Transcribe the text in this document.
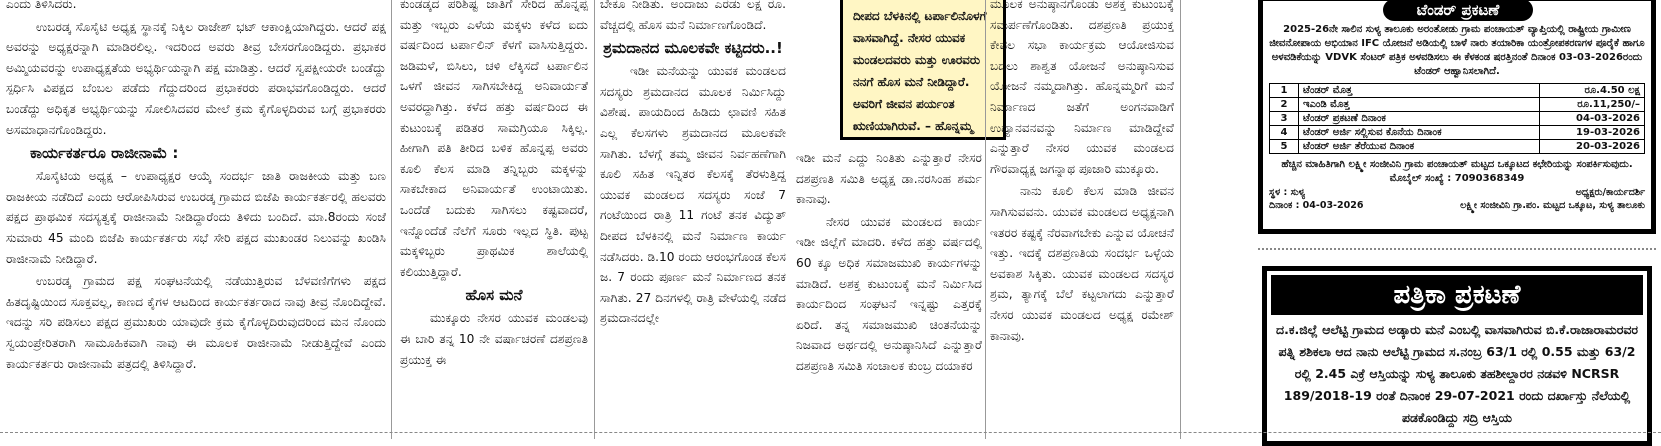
ಎಂದು ತಿಳಿಸಿದರು.

ಉಬರಡ್ಕ ಸೊಸೈಟಿ ಅಧ್ಯಕ್ಷ ಸ್ಥಾನಕ್ಕೆ ನಿಕ್ಕಿಲ ರಾಜೇಶ್ ಭಟ್ ಆಕಾಂಕ್ಷಿಯಾಗಿದ್ದರು. ಆದರೆ ಪಕ್ಷ ಅವರನ್ನು ಅಧ್ಯಕ್ಷರನ್ನಾಗಿ ಮಾಡಿರಲಿಲ್ಲ. ಇದರಿಂದ ಅವರು ತೀವ್ರ ಬೇಸರಗೊಂಡಿದ್ದರು. ಪ್ರಭಾಕರ ಅಮ್ಮಿಯವರನ್ನು ಉಪಾಧ್ಯಕ್ಷತೆಯ ಅಭ್ಯರ್ಥಿಯನ್ನಾಗಿ ಪಕ್ಷ ಮಾಡಿತ್ತು. ಆದರೆ ಸ್ವಪಕ್ಷೀಯರೇ ಬಂಡೆದ್ದು ಸ್ಪರ್ಧಿಸಿ ವಿಪಕ್ಷದ ಬೆಂಬಲ ಪಡೆದು ಗೆದ್ದುದರಿಂದ ಪ್ರಭಾಕರರು ಪರಾಭವಗೊಂಡಿದ್ದರು. ಆದರೆ ಬಂಡೆದ್ದು ಅಧಿಕೃತ ಅಭ್ಯರ್ಥಿಯನ್ನು ಸೋಲಿಸಿದವರ ಮೇಲೆ ಕ್ರಮ ಕೈಗೊಳ್ಳದಿರುವ ಬಗ್ಗೆ ಪ್ರಭಾಕರರು ಅಸಮಾಧಾನಗೊಂಡಿದ್ದರು.

ಕಾರ್ಯಕರ್ತರೂ ರಾಜೀನಾಮೆ :

ಸೊಸೈಟಿಯ ಅಧ್ಯಕ್ಷ – ಉಪಾಧ್ಯಕ್ಷರ ಆಯ್ಕೆ ಸಂದರ್ಭ ಜಾತಿ ರಾಜಕೀಯ ಮತ್ತು ಬಣ ರಾಜಕೀಯ ನಡೆದಿದೆ ಎಂದು ಆರೋಪಿಸಿರುವ ಉಬರಡ್ಕ ಗ್ರಾಮದ ಬಿಜೆಪಿ ಕಾರ್ಯಕರ್ತರಲ್ಲಿ ಹಲವರು ಪಕ್ಷದ ಪ್ರಾಥಮಿಕ ಸದಸ್ಯತ್ವಕ್ಕೆ ರಾಜೀನಾಮೆ ನೀಡಿದ್ದಾರೆಂದು ತಿಳಿದು ಬಂದಿದೆ. ಮಾ.8ರಂದು ಸಂಜೆ ಸುಮಾರು 45 ಮಂದಿ ಬಿಜೆಪಿ ಕಾರ್ಯಕರ್ತರು ಸಭೆ ಸೇರಿ ಪಕ್ಷದ ಮುಖಂಡರ ನಿಲುವನ್ನು ಖಂಡಿಸಿ ರಾಜೀನಾಮೆ ನೀಡಿದ್ದಾರೆ.

ಉಬರಡ್ಕ ಗ್ರಾಮದ ಪಕ್ಷ ಸಂಘಟನೆಯಲ್ಲಿ ನಡೆಯುತ್ತಿರುವ ಬೆಳವಣಿಗೆಗಳು ಪಕ್ಷದ ಹಿತದೃಷ್ಟಿಯಿಂದ ಸೂಕ್ತವಲ್ಲ, ಕಾಣದ ಕೈಗಳ ಆಟದಿಂದ ಕಾರ್ಯಕರ್ತರಾದ ನಾವು ತೀವ್ರ ನೊಂದಿದ್ದೇವೆ. ಇದನ್ನು ಸರಿ ಪಡಿಸಲು ಪಕ್ಷದ ಪ್ರಮುಖರು ಯಾವುದೇ ಕ್ರಮ ಕೈಗೊಳ್ಳದಿರುವುದರಿಂದ ಮನ ನೊಂದು ಸ್ವಯಂಪ್ರೇರಿತರಾಗಿ ಸಾಮೂಹಿಕವಾಗಿ ನಾವು ಈ ಮೂಲಕ ರಾಜೀನಾಮೆ ನೀಡುತ್ತಿದ್ದೇವೆ ಎಂದು ಕಾರ್ಯಕರ್ತರು ರಾಜೀನಾಮೆ ಪತ್ರದಲ್ಲಿ ತಿಳಿಸಿದ್ದಾರೆ.

ಕುಂಡಡ್ಕದ ಪರಿಶಿಷ್ಟ ಜಾತಿಗೆ ಸೇರಿದ ಹೊನ್ನಪ್ಪ ಮತ್ತು ಇಬ್ಬರು ಎಳೆಯ ಮಕ್ಕಳು ಕಳೆದ ಐದು ವರ್ಷದಿಂದ ಟರ್ಪಾಲಿನ್ ಕೆಳಗೆ ವಾಸಿಸುತ್ತಿದ್ದರು. ಜಡಿಮಳೆ, ಬಿಸಿಲು, ಚಳಿ ಲೆಕ್ಕಿಸದೆ ಟರ್ಪಾಲಿನ ಒಳಗೆ ಜೀವನ ಸಾಗಿಸಬೇಕಿದ್ದ ಅನಿವಾರ್ಯತೆ ಅವರದ್ದಾಗಿತ್ತು. ಕಳೆದ ಹತ್ತು ವರ್ಷದಿಂದ ಈ ಕುಟುಂಬಕ್ಕೆ ಪಡಿತರ ಸಾಮಗ್ರಿಯೂ ಸಿಕ್ಕಿಲ್ಲ. ಹೀಗಾಗಿ ಪತಿ ತೀರಿದ ಬಳಿಕ ಹೊನ್ನಪ್ಪ ಅವರು ಕೂಲಿ ಕೆಲಸ ಮಾಡಿ ತನ್ನಿಬ್ಬರು ಮಕ್ಕಳನ್ನು ಸಾಕಬೇಕಾದ ಅನಿವಾರ್ಯತೆ ಉಂಟಾಯಿತು. ಒಂದೆಡೆ ಬದುಕು ಸಾಗಿಸಲು ಕಷ್ಟವಾದರೆ, ಇನ್ನೊಂದೆಡೆ ನೆಲೆಗೆ ಸೂರು ಇಲ್ಲದ ಸ್ಥಿತಿ. ಪುಟ್ಟ ಮಕ್ಕಳಿಬ್ಬರು ಪ್ರಾಥಮಿಕ ಶಾಲೆಯಲ್ಲಿ ಕಲಿಯುತ್ತಿದ್ದಾರೆ.

ಹೊಸ ಮನೆ

ಮುಕ್ಕೂರು ನೇಸರ ಯುವಕ ಮಂಡಲವು ಈ ಬಾರಿ ತನ್ನ 10 ನೇ ವರ್ಷಾಚರಣೆ ದಶಪ್ರಣತಿ ಪ್ರಯುಕ್ತ ಈ

ಬೇಕೂ ನೀಡಿತು. ಅಂದಾಜು ಎರಡು ಲಕ್ಷ ರೂ. ವೆಚ್ಚದಲ್ಲಿ ಹೊಸ ಮನೆ ನಿರ್ಮಾಣಗೊಂಡಿದೆ.

ಶ್ರಮದಾನದ ಮೂಲಕವೇ ಕಟ್ಟಿದರು..!

ಇಡೀ ಮನೆಯನ್ನು ಯುವಕ ಮಂಡಲದ ಸದಸ್ಯರು ಶ್ರಮದಾನದ ಮೂಲಕ ನಿರ್ಮಿಸಿದ್ದು ವಿಶೇಷ. ಪಾಯದಿಂದ ಹಿಡಿದು ಛಾವಣಿ ಸಹಿತ ಎಲ್ಲ ಕೆಲಸಗಳು ಶ್ರಮದಾನದ ಮೂಲಕವೇ ಸಾಗಿತು. ಬೆಳಗ್ಗೆ ತಮ್ಮ ಜೀವನ ನಿರ್ವಹಣೆಗಾಗಿ ಕೂಲಿ ಸಹಿತ ಇನ್ನಿತರ ಕೆಲಸಕ್ಕೆ ತೆರಳುತ್ತಿದ್ದ ಯುವಕ ಮಂಡಲದ ಸದಸ್ಯರು ಸಂಜೆ 7 ಗಂಟೆಯಿಂದ ರಾತ್ರಿ 11 ಗಂಟೆ ತನಕ ವಿದ್ಯುತ್ ದೀಪದ ಬೆಳಕಿನಲ್ಲಿ ಮನೆ ನಿರ್ಮಾಣ ಕಾರ್ಯ ನಡೆಸಿದರು. ಡಿ.10 ರಂದು ಆರಂಭಗೊಂಡ ಕೆಲಸ ಜ. 7 ರಂದು ಪೂರ್ಣ ಮನೆ ನಿರ್ಮಾಣದ ತನಕ ಸಾಗಿತು. 27 ದಿನಗಳಲ್ಲಿ ರಾತ್ರಿ ವೇಳೆಯಲ್ಲಿ ನಡೆದ ಶ್ರಮದಾನದಲ್ಲೇ

ದೀಪದ ಬೆಳಕಿನಲ್ಲಿ ಟರ್ಪಾಲಿನೊಳಗೆ ವಾಸವಾಗಿದ್ದೆ. ನೇಸರ ಯುವಕ ಮಂಡಲದವರು ಮತ್ತು ಊರವರು ನನಗೆ ಹೊಸ ಮನೆ ನೀಡಿದ್ದಾರೆ. ಅವರಿಗೆ ಜೀವನ ಪರ್ಯಂತ ಋಣಿಯಾಗಿರುವೆ. – ಹೊನ್ನಮ್ಮ

ಇಡೀ ಮನೆ ಎದ್ದು ನಿಂತಿತು ಎನ್ನುತ್ತಾರೆ ನೇಸರ ದಶಪ್ರಣತಿ ಸಮಿತಿ ಅಧ್ಯಕ್ಷ ಡಾ.ನರಸಿಂಹ ಶರ್ಮ ಕಾನಾವು.

ನೇಸರ ಯುವಕ ಮಂಡಲದ ಕಾರ್ಯ ಇಡೀ ಜಿಲ್ಲೆಗೆ ಮಾದರಿ. ಕಳೆದ ಹತ್ತು ವರ್ಷದಲ್ಲಿ 60 ಕ್ಕೂ ಅಧಿಕ ಸಮಾಜಮುಖಿ ಕಾರ್ಯಗಳನ್ನು ಮಾಡಿದೆ. ಅಶಕ್ತ ಕುಟುಂಬಕ್ಕೆ ಮನೆ ನಿರ್ಮಿಸಿದ ಕಾರ್ಯದಿಂದ ಸಂಘಟನೆ ಇನ್ನಷ್ಟು ಎತ್ತರಕ್ಕೆ ಏರಿದೆ. ತನ್ನ ಸಮಾಜಮುಖಿ ಚಿಂತನೆಯನ್ನು ನಿಜವಾದ ಅರ್ಥದಲ್ಲಿ ಅನುಷ್ಠಾನಿಸಿದೆ ಎನ್ನುತ್ತಾರೆ ದಶಪ್ರಣತಿ ಸಮಿತಿ ಸಂಚಾಲಕ ಕುಂಬ್ರ ದಯಾಕರ

ಮೂಲಕ ಅನುಷ್ಠಾನಗೊಂಡು ಅಶಕ್ತ ಕುಟುಂಬಕ್ಕೆ ಸಮರ್ಪಣೆಗೊಂಡಿತು. ದಶಪ್ರಣತಿ ಪ್ರಯುಕ್ತ ಕೇವಲ ಸಭಾ ಕಾರ್ಯಕ್ರಮ ಆಯೋಜಿಸುವ ಬದಲು ಶಾಶ್ವತ ಯೋಜನೆ ಅನುಷ್ಠಾನಿಸುವ ಯೋಜನೆ ನಮ್ಮದಾಗಿತ್ತು. ಹೊನ್ನಮ್ಮರಿಗೆ ಮನೆ ನಿರ್ಮಾಣದ ಜತೆಗೆ ಅಂಗನವಾಡಿಗೆ ಉದ್ಯಾನವನವನ್ನು ನಿರ್ಮಾಣ ಮಾಡಿದ್ದೇವೆ ಎನ್ನುತ್ತಾರೆ ನೇಸರ ಯುವಕ ಮಂಡಲದ ಗೌರವಾಧ್ಯಕ್ಷ ಜಗನ್ನಾಥ ಪೂಜಾರಿ ಮುಕ್ಕೂರು.

ನಾನು ಕೂಲಿ ಕೆಲಸ ಮಾಡಿ ಜೀವನ ಸಾಗಿಸುವವನು. ಯುವಕ ಮಂಡಲದ ಅಧ್ಯಕ್ಷನಾಗಿ ಇತರರ ಕಷ್ಟಕ್ಕೆ ನೆರವಾಗಬೇಕು ಎನ್ನುವ ಯೋಚನೆ ಇತ್ತು. ಇದಕ್ಕೆ ದಶಪ್ರಣತಿಯ ಸಂದರ್ಭ ಒಳ್ಳೆಯ ಅವಕಾಶ ಸಿಕ್ಕಿತು. ಯುವಕ ಮಂಡಲದ ಸದಸ್ಯರ ಶ್ರಮ, ತ್ಯಾಗಕ್ಕೆ ಬೆಲೆ ಕಟ್ಟಲಾಗದು ಎನ್ನುತ್ತಾರೆ ನೇಸರ ಯುವಕ ಮಂಡಲದ ಅಧ್ಯಕ್ಷ ರಮೇಶ್ ಕಾನಾವು.

ಟೆಂಡರ್ ಪ್ರಕಟಣೆ
2025-26ನೇ ಸಾಲಿನ ಸುಳ್ಯ ತಾಲೂಕು ಅರಂತೋಡು ಗ್ರಾಮ ಪಂಚಾಯತ್ ವ್ಯಾಪ್ತಿಯಲ್ಲಿ ರಾಷ್ಟ್ರೀಯ ಗ್ರಾಮೀಣ ಜೀವನೋಪಾಯ ಅಭಿಯಾನ IFC ಯೋಜನೆ ಅಡಿಯಲ್ಲಿ ಬಾಳೆ ನಾರು ತಯಾರಿಕಾ ಯಂತ್ರೋಪಕರಣಗಳ ಪೂರೈಕೆ ಹಾಗೂ ಅಳವಡಿಕೆಯನ್ನು VDVK ಸೆಂಟರ್ ಪತ್ರಿಕ ಅಳವಡಿಸಲು ಈ ಕೆಳಕಂಡ ಷರತ್ತಿನಂತೆ ದಿನಾಂಕ 03-03-2026ರಂದು ಟೆಂಡರ್ ಆಹ್ವಾನಿಸಲಾಗಿದೆ.
1	ಟೆಂಡರ್ ಮೊತ್ತ	ರೂ.4.50 ಲಕ್ಷ
2	ಇಎಂಡಿ ಮೊತ್ತ	ರೂ.11,250/–
3	ಟೆಂಡರ್ ಪ್ರಕಟಣೆ ದಿನಾಂಕ	04-03-2026
4	ಟೆಂಡರ್ ಅರ್ಜಿ ಸಲ್ಲಿಸುವ ಕೊನೆಯ ದಿನಾಂಕ	19-03-2026
5	ಟೆಂಡರ್ ಅರ್ಜಿ ತೆರೆಯುವ ದಿನಾಂಕ	20-03-2026
ಹೆಚ್ಚಿನ ಮಾಹಿತಿಗಾಗಿ ಲಕ್ಷ್ಮೀ ಸಂಜೀವಿನಿ ಗ್ರಾಮ ಪಂಚಾಯತ್ ಮಟ್ಟದ ಒಕ್ಕೂಟದ ಕಛೇರಿಯನ್ನು ಸಂಪರ್ಕಿಸುವುದು. ಮೊಬೈಲ್ ಸಂಖ್ಯೆ : 7090368349
ಸ್ಥಳ : ಸುಳ್ಯ	ಅಧ್ಯಕ್ಷರು/ಕಾರ್ಯದರ್ಶಿ
ದಿನಾಂಕ : 04-03-2026	ಲಕ್ಷ್ಮೀ ಸಂಜೀವಿನಿ ಗ್ರಾ.ಪಂ. ಮಟ್ಟದ ಒಕ್ಕೂಟ, ಸುಳ್ಯ ತಾಲೂಕು
ಪತ್ರಿಕಾ ಪ್ರಕಟಣೆ
ದ.ಕ.ಜಿಲ್ಲೆ ಆಲೆಟ್ಟಿ ಗ್ರಾಮದ ಅಡ್ಕಾರು ಮನೆ ಎಂಬಲ್ಲಿ ವಾಸವಾಗಿರುವ ಬಿ.ಕೆ.ರಾಜಾರಾಮರವರ ಪತ್ನಿ ಶಶಿಕಲಾ ಆದ ನಾನು ಆಲೆಟ್ಟಿ ಗ್ರಾಮದ ಸ.ನಂಬ್ರ 63/1 ರಲ್ಲಿ 0.55 ಮತ್ತು 63/2 ರಲ್ಲಿ 2.45 ಎಕ್ರೆ ಆಸ್ತಿಯನ್ನು ಸುಳ್ಯ ತಾಲೂಕು ತಹಶೀಲ್ದಾರರ ನಡವಳಿ NCRSR 189/2018-19 ರಂತೆ ದಿನಾಂಕ 29-07-2021 ರಂದು ದರ್ಖಾಸ್ತು ನೆಲೆಯಲ್ಲಿ ಪಡಕೊಂಡಿದ್ದು ಸದ್ರಿ ಆಸ್ತಿಯ
